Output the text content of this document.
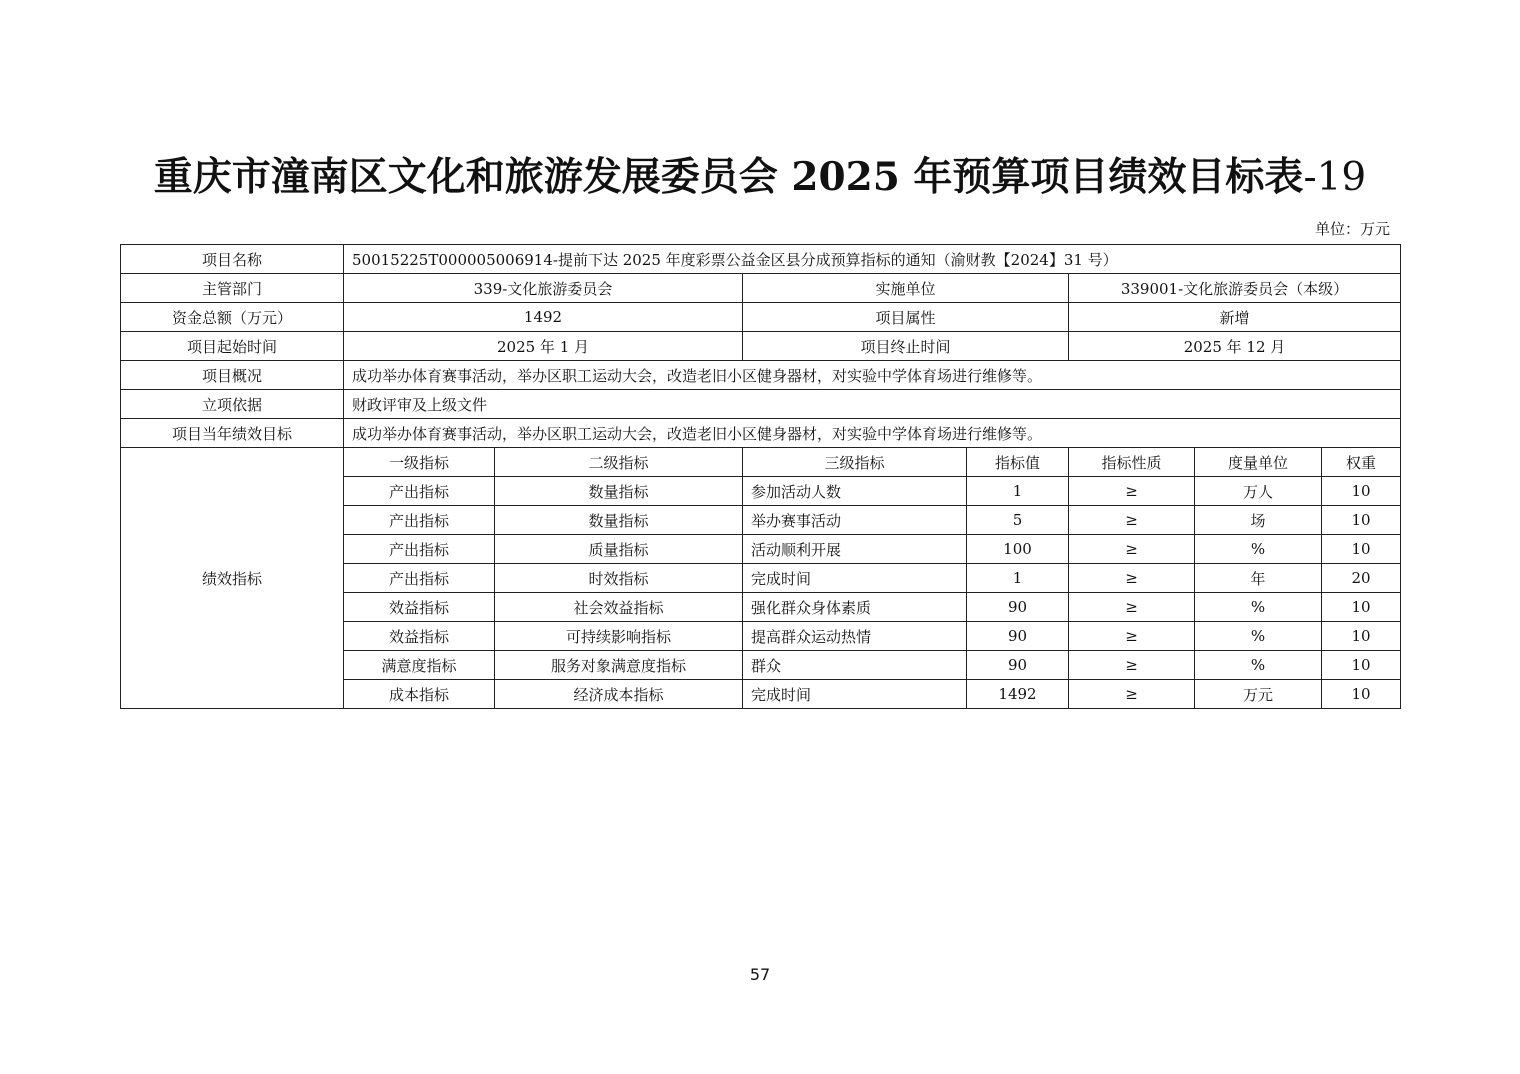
重庆市潼南区文化和旅游发展委员会 2025 年预算项目绩效目标表-19
单位：万元
项目名称	50015225T000005006914-提前下达 2025 年度彩票公益金区县分成预算指标的通知（渝财教【2024】31 号）						
主管部门	339-文化旅游委员会		实施单位		339001-文化旅游委员会（本级）		
资金总额（万元）	1492		项目属性		新增		
项目起始时间	2025 年 1 月		项目终止时间		2025 年 12 月		
项目概况	成功举办体育赛事活动，举办区职工运动大会，改造老旧小区健身器材，对实验中学体育场进行维修等。						
立项依据	财政评审及上级文件						
项目当年绩效目标	成功举办体育赛事活动，举办区职工运动大会，改造老旧小区健身器材，对实验中学体育场进行维修等。						
绩效指标	一级指标	二级指标	三级指标	指标值	指标性质	度量单位	权重
	产出指标	数量指标	参加活动人数	1	≥	万人	10
	产出指标	数量指标	举办赛事活动	5	≥	场	10
	产出指标	质量指标	活动顺利开展	100	≥	%	10
	产出指标	时效指标	完成时间	1	≥	年	20
	效益指标	社会效益指标	强化群众身体素质	90	≥	%	10
	效益指标	可持续影响指标	提高群众运动热情	90	≥	%	10
	满意度指标	服务对象满意度指标	群众	90	≥	%	10
	成本指标	经济成本指标	完成时间	1492	≥	万元	10
57
